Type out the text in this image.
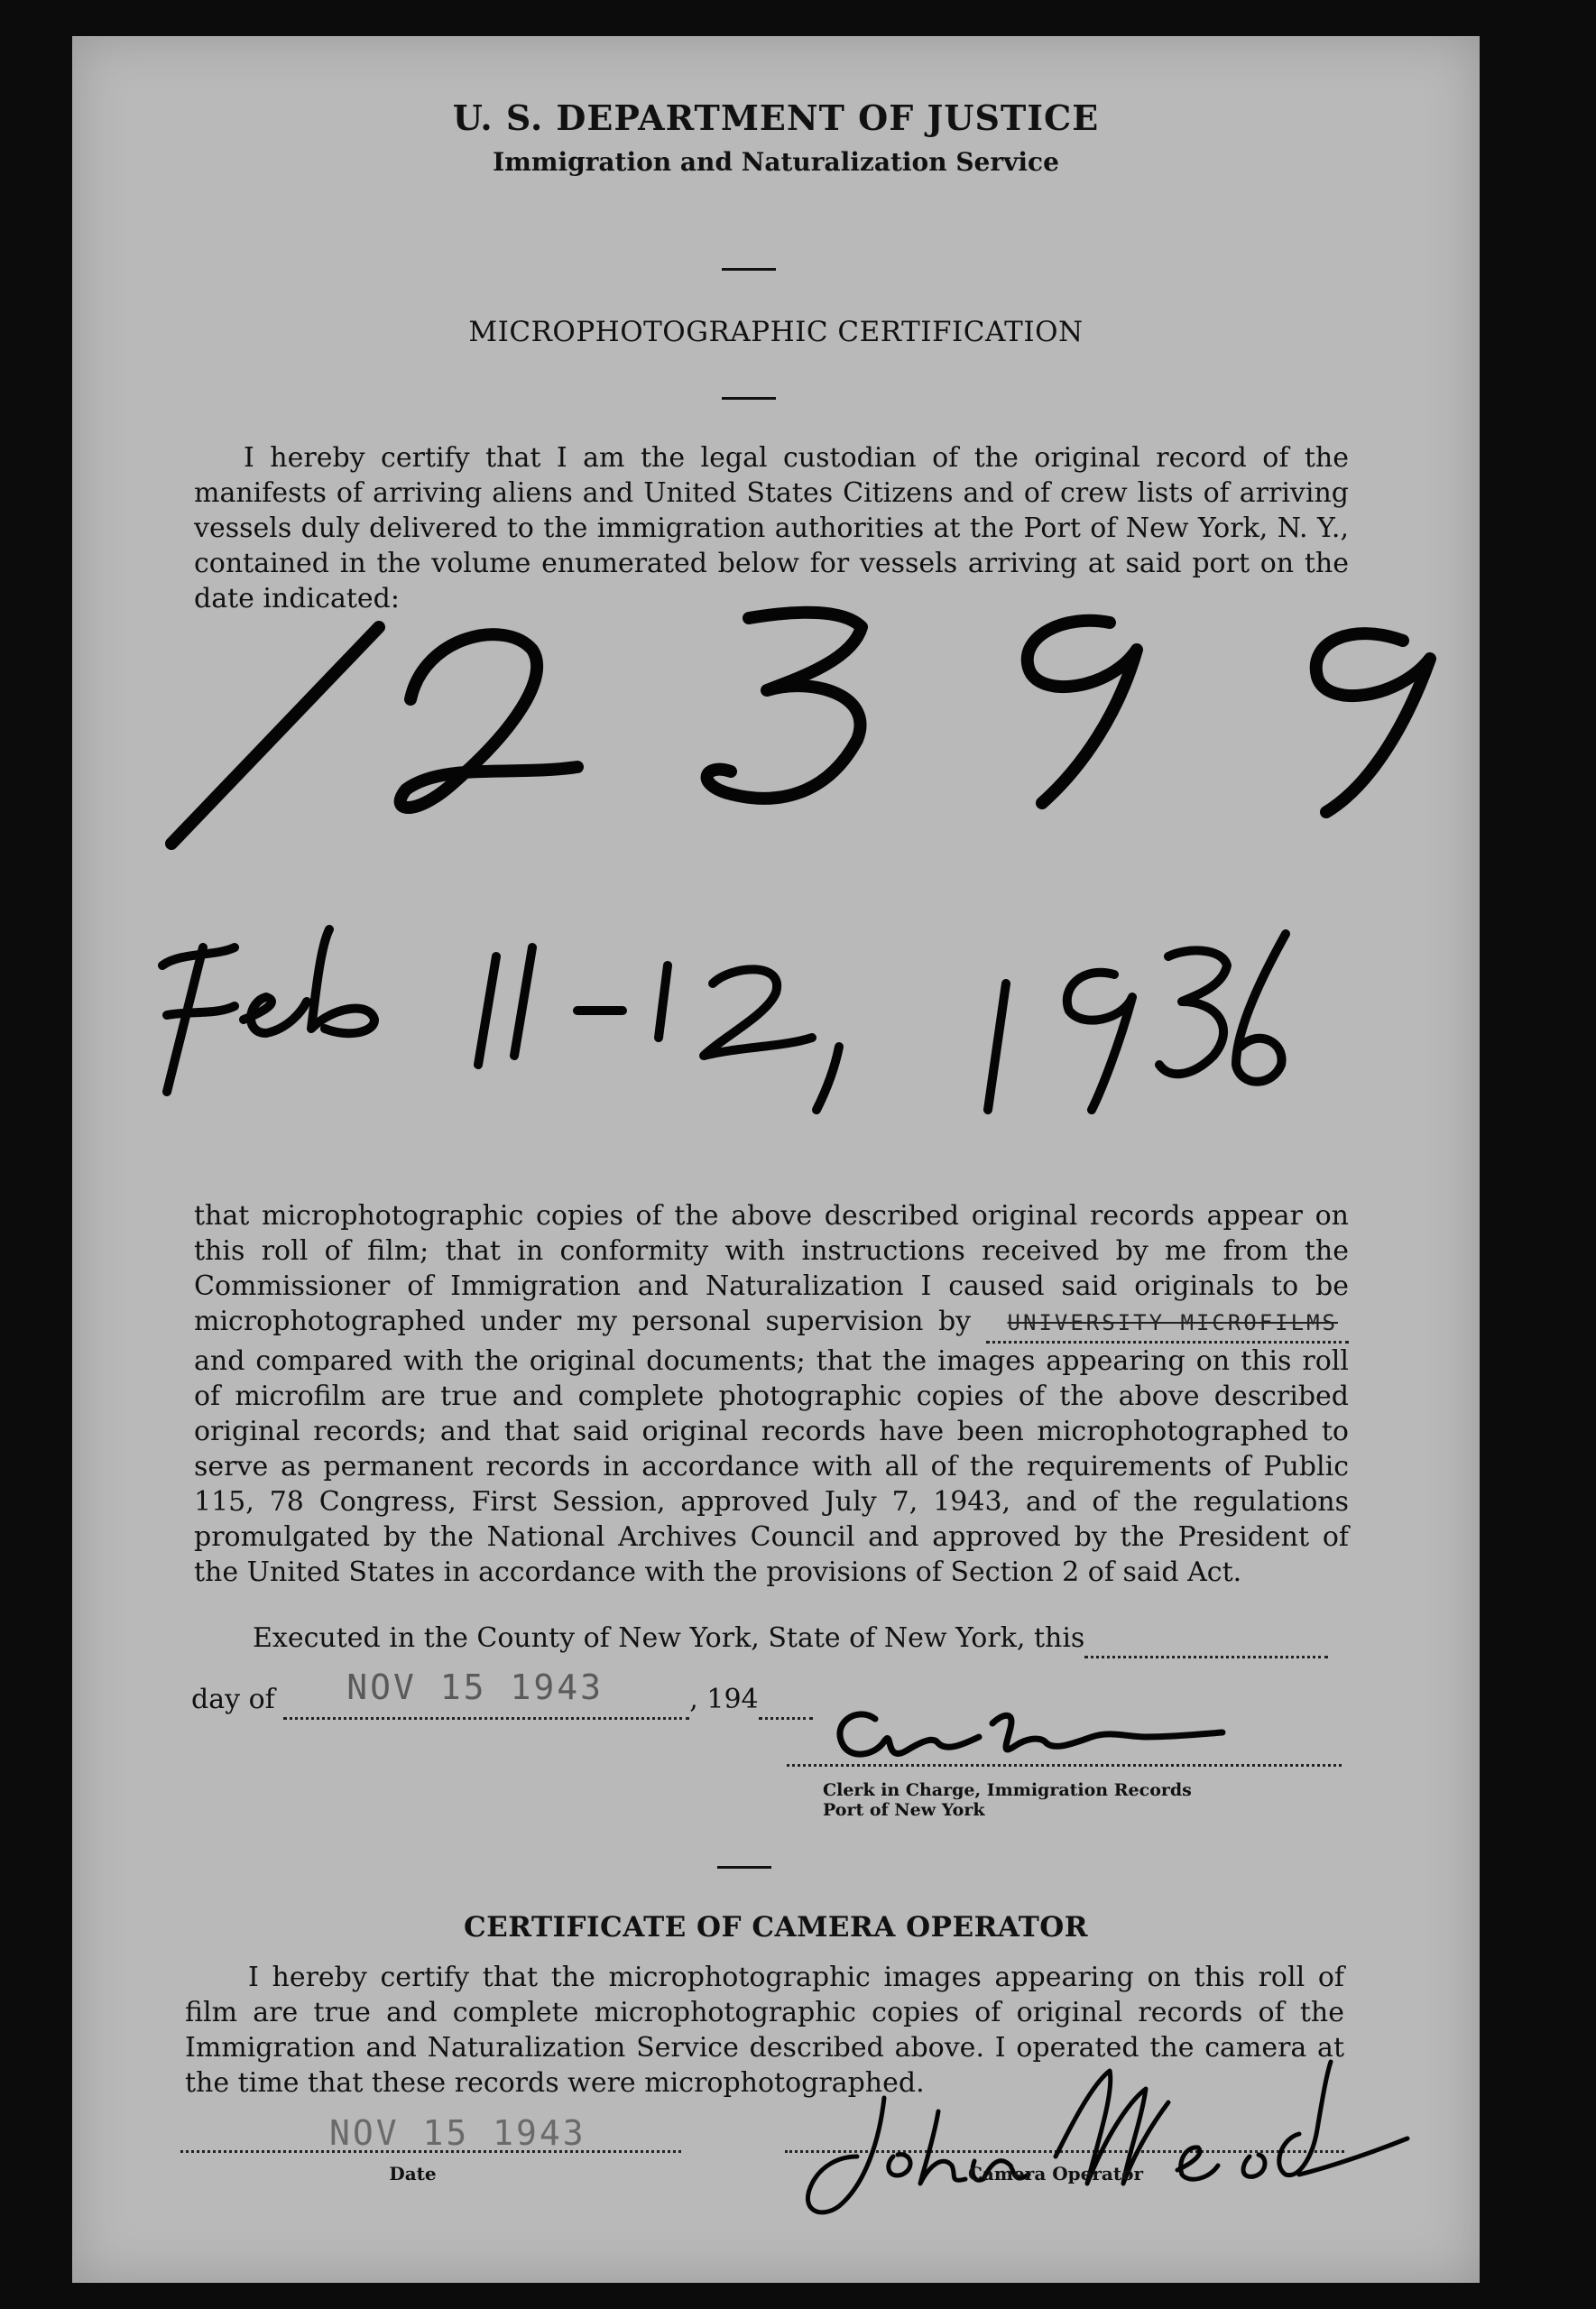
U. S. DEPARTMENT OF JUSTICE
Immigration and Naturalization Service
MICROPHOTOGRAPHIC CERTIFICATION
I hereby certify that I am the legal custodian of the original record of the manifests of arriving aliens and United States Citizens and of crew lists of arriving vessels duly delivered to the immigration authorities at the Port of New York, N. Y., contained in the volume enumerated below for vessels arriving at said port on the date indicated:
12399
Feb 11-12, 1936
that microphotographic copies of the above described original records appear on this roll of film; that in conformity with instructions received by me from the Commissioner of Immigration and Naturalization I caused said originals to be microphotographed under my personal supervision by UNIVERSITY MICROFILMS and compared with the original documents; that the images appearing on this roll of microfilm are true and complete photographic copies of the above described original records; and that said original records have been microphotographed to serve as permanent records in accordance with all of the requirements of Public 115, 78 Congress, First Session, approved July 7, 1943, and of the regulations promulgated by the National Archives Council and approved by the President of the United States in accordance with the provisions of Section 2 of said Act.
Executed in the County of New York, State of New York, this
day of NOV 15 1943	, 194
Clerk in Charge, Immigration Records
Port of New York
CERTIFICATE OF CAMERA OPERATOR
I hereby certify that the microphotographic images appearing on this roll of film are true and complete microphotographic copies of original records of the Immigration and Naturalization Service described above. I operated the camera at the time that these records were microphotographed.
NOV 15 1943
Date
John Mead
Camera Operator
